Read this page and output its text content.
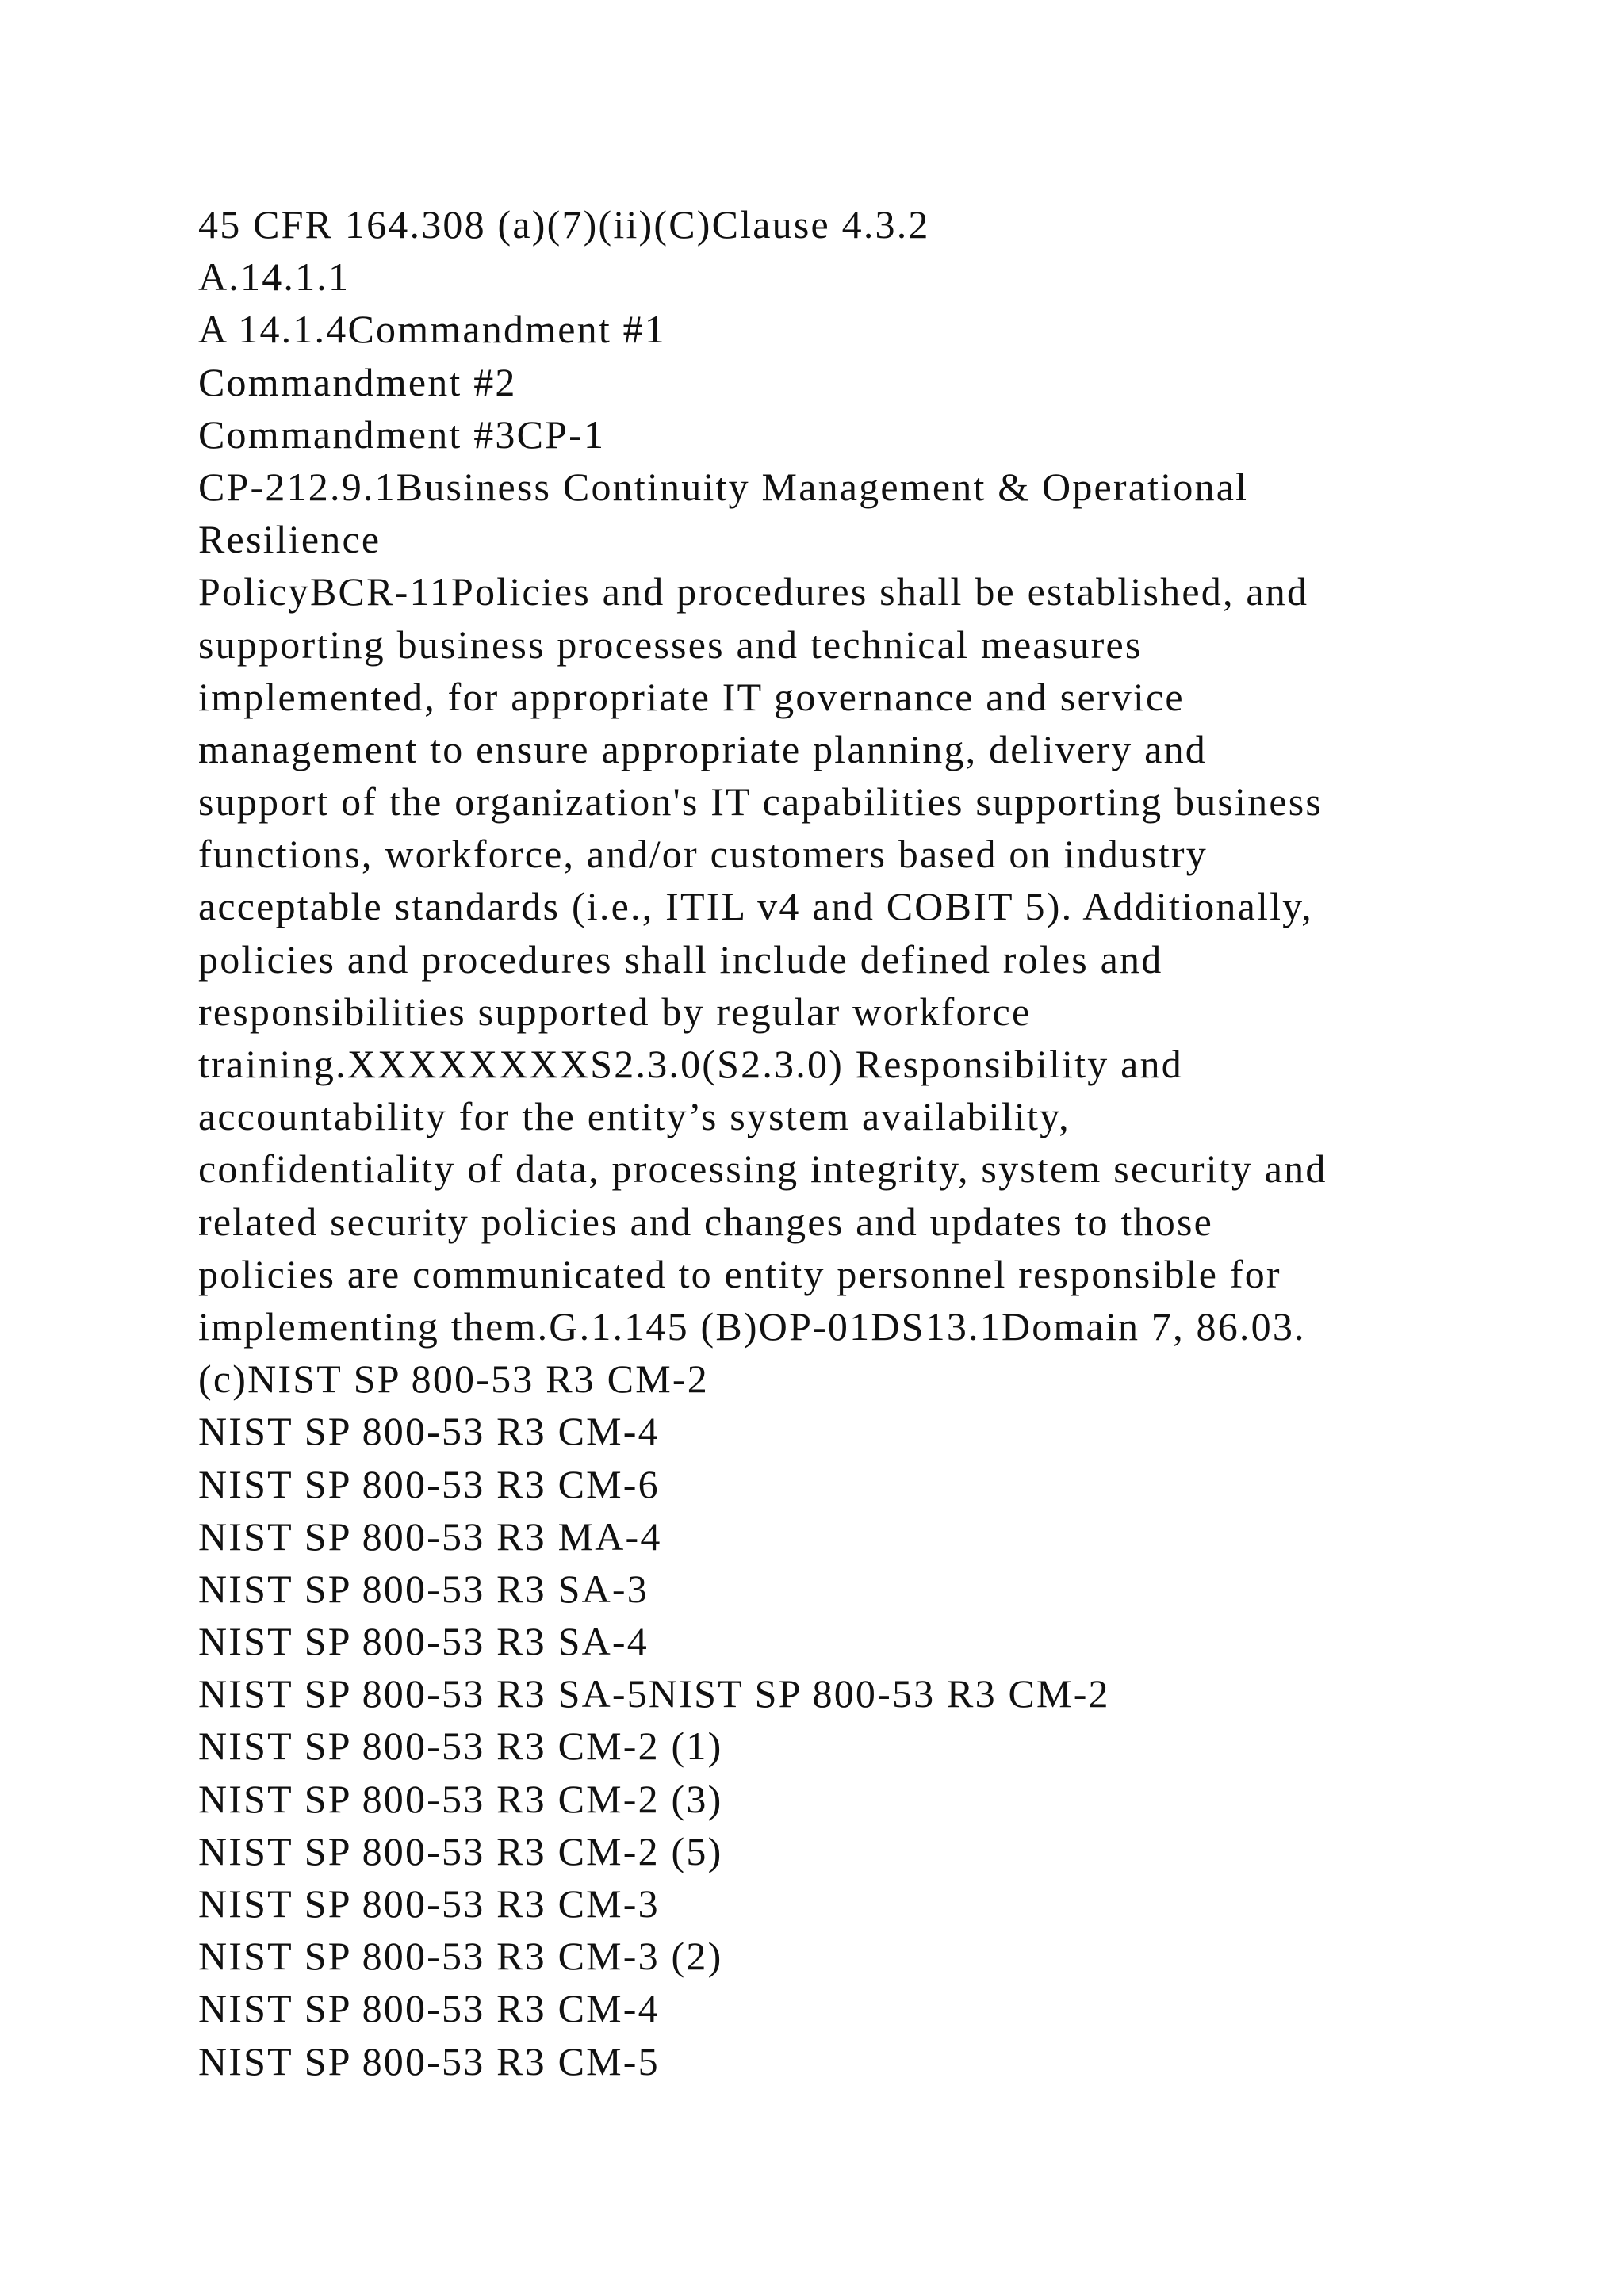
45 CFR 164.308 (a)(7)(ii)(C)Clause 4.3.2
A.14.1.1
A 14.1.4Commandment #1
Commandment #2
Commandment #3CP-1
CP-212.9.1Business Continuity Management & Operational
Resilience
PolicyBCR-11Policies and procedures shall be established, and
supporting business processes and technical measures
implemented, for appropriate IT governance and service
management to ensure appropriate planning, delivery and
support of the organization's IT capabilities supporting business
functions, workforce, and/or customers based on industry
acceptable standards (i.e., ITIL v4 and COBIT 5). Additionally,
policies and procedures shall include defined roles and
responsibilities supported by regular workforce
training.XXXXXXXXS2.3.0(S2.3.0) Responsibility and
accountability for the entity’s system availability,
confidentiality of data, processing integrity, system security and
related security policies and changes and updates to those
policies are communicated to entity personnel responsible for
implementing them.G.1.145 (B)OP-01DS13.1Domain 7, 86.03.
(c)NIST SP 800-53 R3 CM-2
NIST SP 800-53 R3 CM-4
NIST SP 800-53 R3 CM-6
NIST SP 800-53 R3 MA-4
NIST SP 800-53 R3 SA-3
NIST SP 800-53 R3 SA-4
NIST SP 800-53 R3 SA-5NIST SP 800-53 R3 CM-2
NIST SP 800-53 R3 CM-2 (1)
NIST SP 800-53 R3 CM-2 (3)
NIST SP 800-53 R3 CM-2 (5)
NIST SP 800-53 R3 CM-3
NIST SP 800-53 R3 CM-3 (2)
NIST SP 800-53 R3 CM-4
NIST SP 800-53 R3 CM-5
